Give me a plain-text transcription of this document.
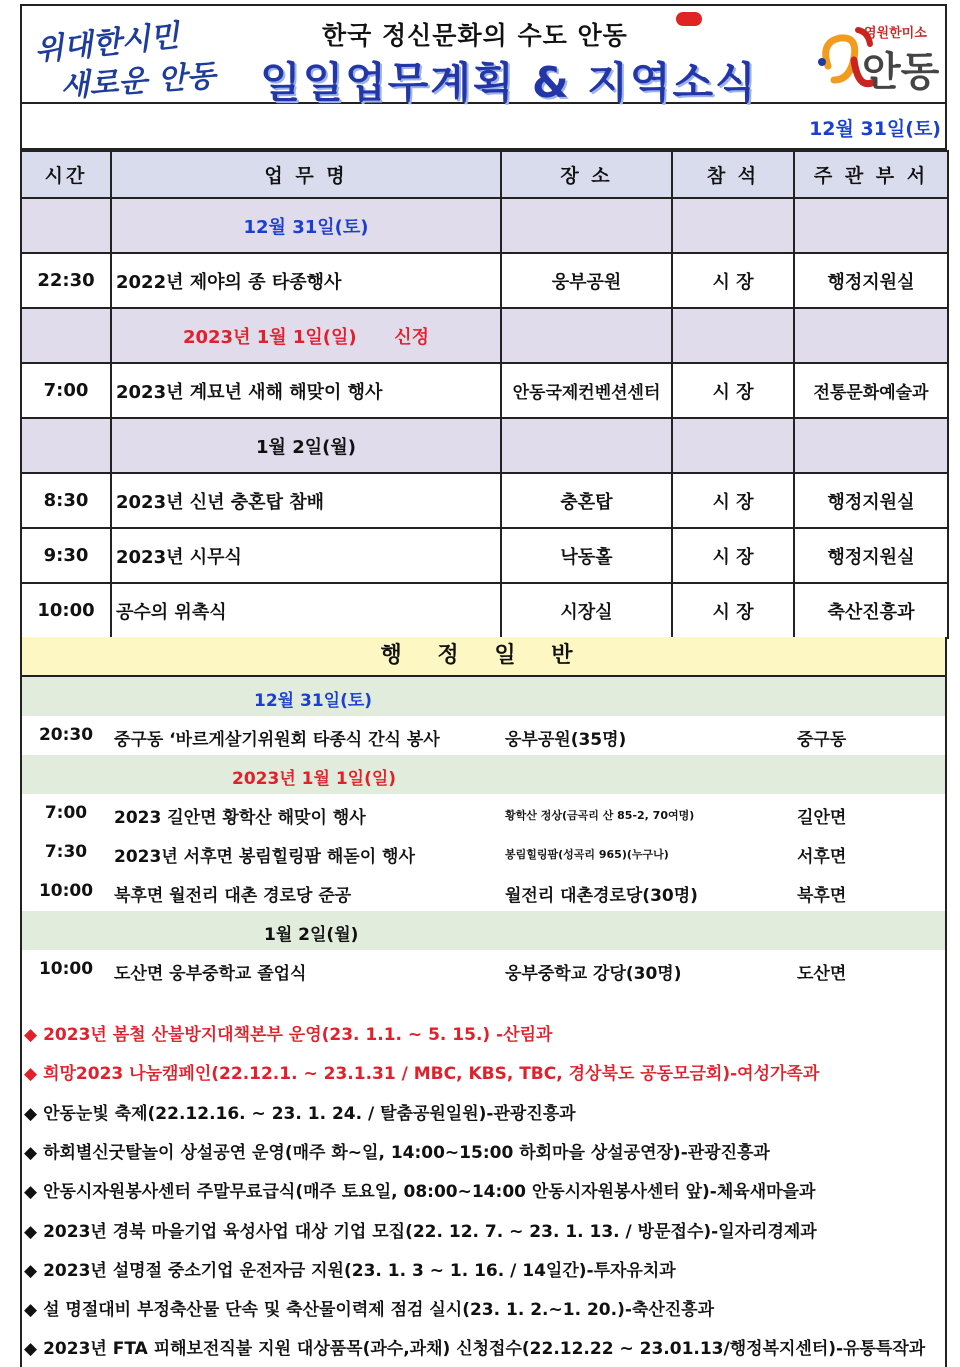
위대한시민
새로운 안동
한국 정신문화의 수도 안동
일일업무계획 & 지역소식
영원한미소
안동
12월 31일(토)
시간	업 무 명	장 소	참 석	주 관 부 서
	12월 31일(토)			
22:30	2022년 제야의 종 타종행사	웅부공원	시 장	행정지원실
	2023년 1월 1일(일)      신정			
7:00	2023년 계묘년 새해 해맞이 행사	안동국제컨벤션센터	시 장	전통문화예술과
	1월 2일(월)			
8:30	2023년 신년 충혼탑 참배	충혼탑	시 장	행정지원실
9:30	2023년 시무식	낙동홀	시 장	행정지원실
10:00	공수의 위촉식	시장실	시 장	축산진흥과
행 정 일 반
12월 31일(토)
20:30	중구동 ‘바르게살기위원회 타종식 간식 봉사	웅부공원(35명)	중구동
2023년 1월 1일(일)
7:00	2023 길안면 황학산 해맞이 행사	황학산 정상(금곡리 산 85-2, 70여명)	길안면
7:30	2023년 서후면 봉림힐링팜 해돋이 행사	봉림힐링팜(성곡리 965)(누구나)	서후면
10:00	북후면 월전리 대촌 경로당 준공	월전리 대촌경로당(30명)	북후면
1월 2일(월)
10:00	도산면 웅부중학교 졸업식	웅부중학교 강당(30명)	도산면
◆ 2023년 봄철 산불방지대책본부 운영(23. 1.1. ~ 5. 15.) -산림과
◆ 희망2023 나눔캠페인(22.12.1. ~ 23.1.31 / MBC, KBS, TBC, 경상북도 공동모금회)-여성가족과
◆ 안동눈빛 축제(22.12.16. ~ 23. 1. 24. / 탈춤공원일원)-관광진흥과
◆ 하회별신굿탈놀이 상설공연 운영(매주 화~일, 14:00~15:00 하회마을 상설공연장)-관광진흥과
◆ 안동시자원봉사센터 주말무료급식(매주 토요일, 08:00~14:00 안동시자원봉사센터 앞)-체육새마을과
◆ 2023년 경북 마을기업 육성사업 대상 기업 모집(22. 12. 7. ~ 23. 1. 13. / 방문접수)-일자리경제과
◆ 2023년 설명절 중소기업 운전자금 지원(23. 1. 3 ~ 1. 16. / 14일간)-투자유치과
◆ 설 명절대비 부정축산물 단속 및 축산물이력제 점검 실시(23. 1. 2.~1. 20.)-축산진흥과
◆ 2023년 FTA 피해보전직불 지원 대상품목(과수,과채) 신청접수(22.12.22 ~ 23.01.13/행정복지센터)-유통특작과
